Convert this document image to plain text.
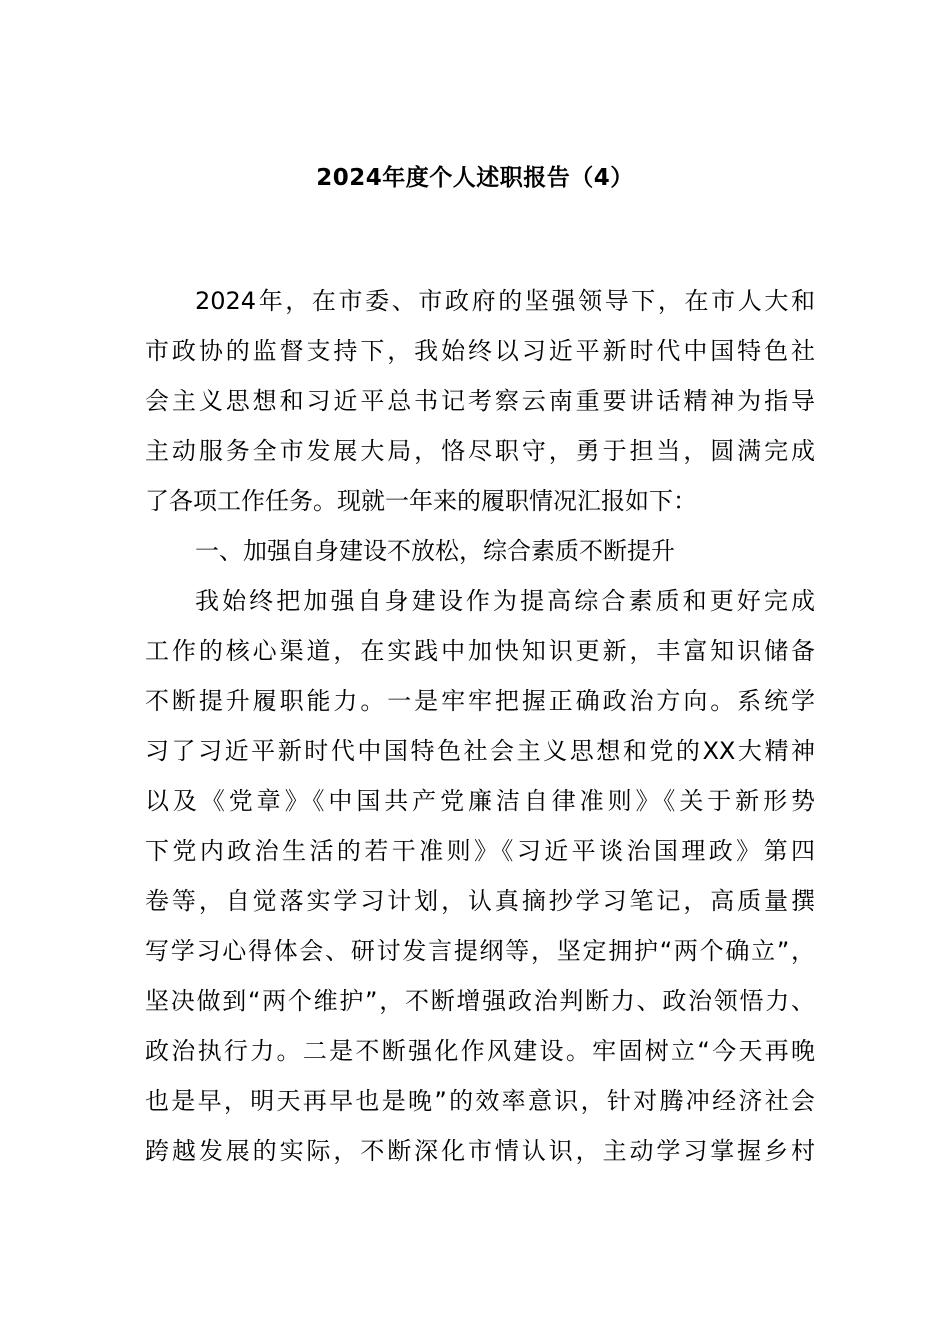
2024年度个人述职报告（4）
2024年，在市委、市政府的坚强领导下，在市人大和
市政协的监督支持下，我始终以习近平新时代中国特色社
会主义思想和习近平总书记考察云南重要讲话精神为指导
主动服务全市发展大局，恪尽职守，勇于担当，圆满完成
了各项工作任务。现就一年来的履职情况汇报如下：
一、加强自身建设不放松，综合素质不断提升
我始终把加强自身建设作为提高综合素质和更好完成
工作的核心渠道，在实践中加快知识更新，丰富知识储备
不断提升履职能力。一是牢牢把握正确政治方向。系统学
习了习近平新时代中国特色社会主义思想和党的XX大精神
以及《党章》《中国共产党廉洁自律准则》《关于新形势
下党内政治生活的若干准则》《习近平谈治国理政》第四
卷等，自觉落实学习计划，认真摘抄学习笔记，高质量撰
写学习心得体会、研讨发言提纲等，坚定拥护“两个确立”，
坚决做到“两个维护”，不断增强政治判断力、政治领悟力、
政治执行力。二是不断强化作风建设。牢固树立“今天再晚
也是早，明天再早也是晚”的效率意识，针对腾冲经济社会
跨越发展的实际，不断深化市情认识，主动学习掌握乡村
